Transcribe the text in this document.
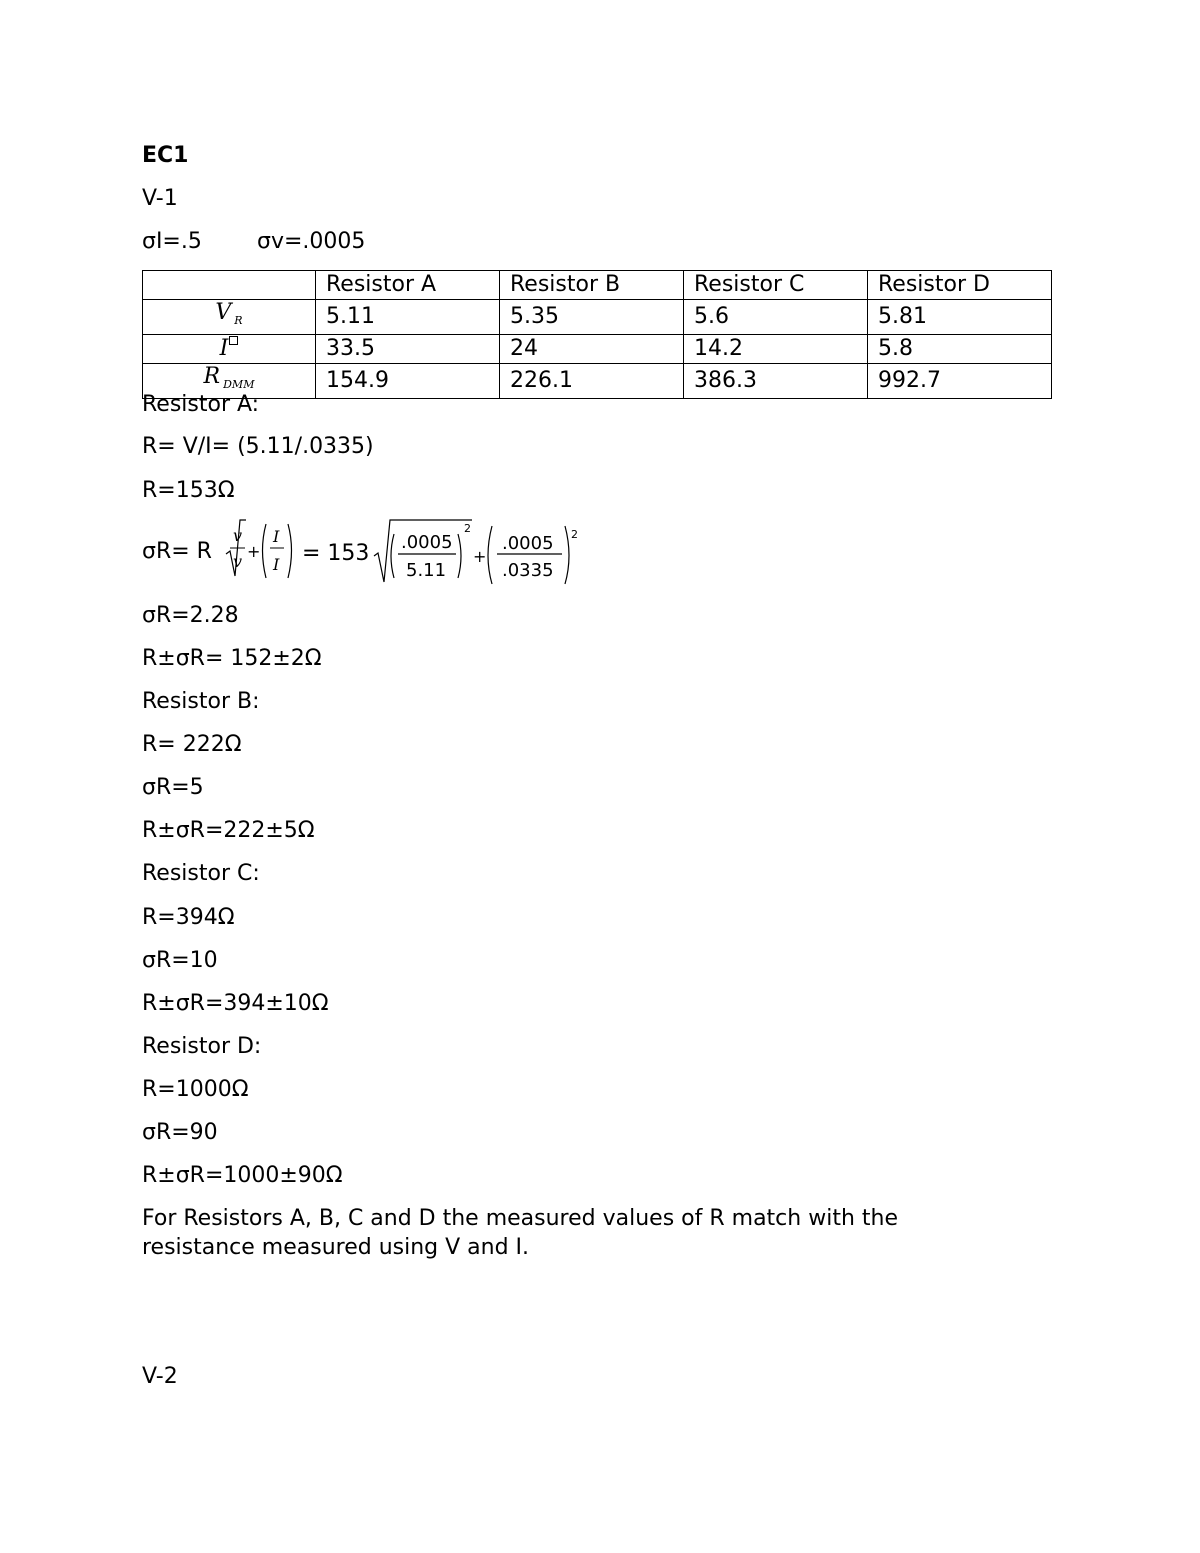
EC1
V-1
σI=.5	σv=.0005
	Resistor A	Resistor B	Resistor C	Resistor D
V $_R$	5.11	5.35	5.6	5.81
I	33.5	24	14.2	5.8
R $_{DMM}$	154.9	226.1	386.3	992.7
Resistor A:
R= V/I= (5.11/.0335)
R=153Ω
σR= R
v
v
+
I
I = 153 .0005
5.11
2
+
.0005
.0335
2
σR=2.28
R±σR= 152±2Ω
Resistor B:
R= 222Ω
σR=5
R±σR=222±5Ω
Resistor C:
R=394Ω
σR=10
R±σR=394±10Ω
Resistor D:
R=1000Ω
σR=90
R±σR=1000±90Ω
For Resistors A, B, C and D the measured values of R match with the
resistance measured using V and I.
V-2
